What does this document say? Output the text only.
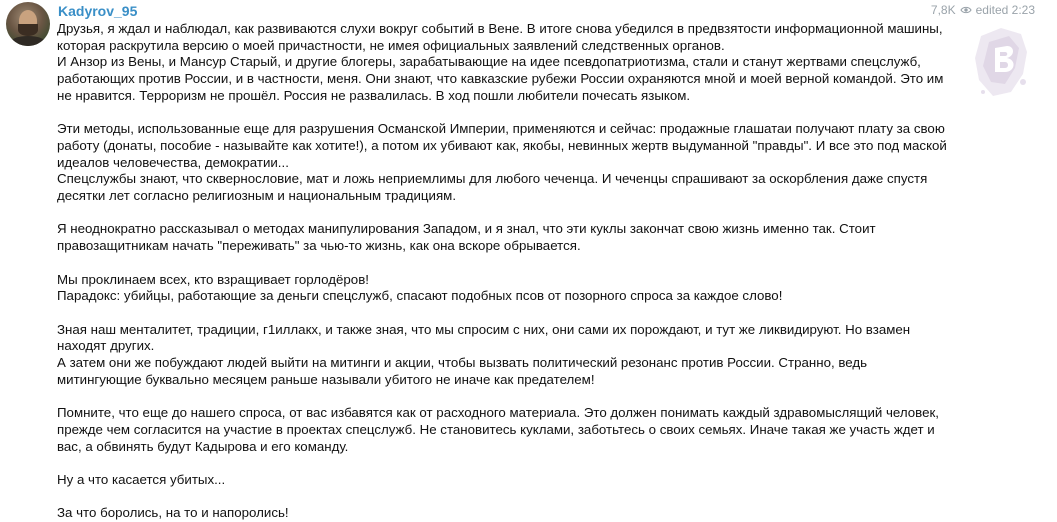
Kadyrov_95	7,8K edited 2:23

Друзья, я ждал и наблюдал, как развиваются слухи вокруг событий в Вене. В итоге снова убедился в предвзятости информационной машины,
которая раскрутила версию о моей причастности, не имея официальных заявлений следственных органов.
И Анзор из Вены, и Мансур Старый, и другие блогеры, зарабатывающие на идее псевдопатриотизма, стали и станут жертвами спецслужб,
работающих против России, и в частности, меня. Они знают, что кавказские рубежи России охраняются мной и моей верной командой. Это им
не нравится. Терроризм не прошёл. Россия не развалилась. В ход пошли любители почесать языком.

Эти методы, использованные еще для разрушения Османской Империи, применяются и сейчас: продажные глашатаи получают плату за свою
работу (донаты, пособие - называйте как хотите!), а потом их убивают как, якобы, невинных жертв выдуманной "правды". И все это под маской
идеалов человечества, демократии...
Спецслужбы знают, что сквернословие, мат и ложь неприемлимы для любого чеченца. И чеченцы спрашивают за оскорбления даже спустя
десятки лет согласно религиозным и национальным традициям.

Я неоднократно рассказывал о методах манипулирования Западом, и я знал, что эти куклы закончат свою жизнь именно так. Стоит
правозащитникам начать "переживать" за чью-то жизнь, как она вскоре обрывается.

Мы проклинаем всех, кто взращивает горлодёров!
Парадокс: убийцы, работающие за деньги спецслужб, спасают подобных псов от позорного спроса за каждое слово!

Зная наш менталитет, традиции, г1иллакх, и также зная, что мы спросим с них, они сами их порождают, и тут же ликвидируют. Но взамен
находят других.
А затем они же побуждают людей выйти на митинги и акции, чтобы вызвать политический резонанс против России. Странно, ведь
митингующие буквально месяцем раньше называли убитого не иначе как предателем!

Помните, что еще до нашего спроса, от вас избавятся как от расходного материала. Это должен понимать каждый здравомыслящий человек,
прежде чем согласится на участие в проектах спецслужб. Не становитесь куклами, заботьтесь о своих семьях. Иначе такая же участь ждет и
вас, а обвинять будут Кадырова и его команду.

Ну а что касается убитых...

За что боролись, на то и напоролись!
